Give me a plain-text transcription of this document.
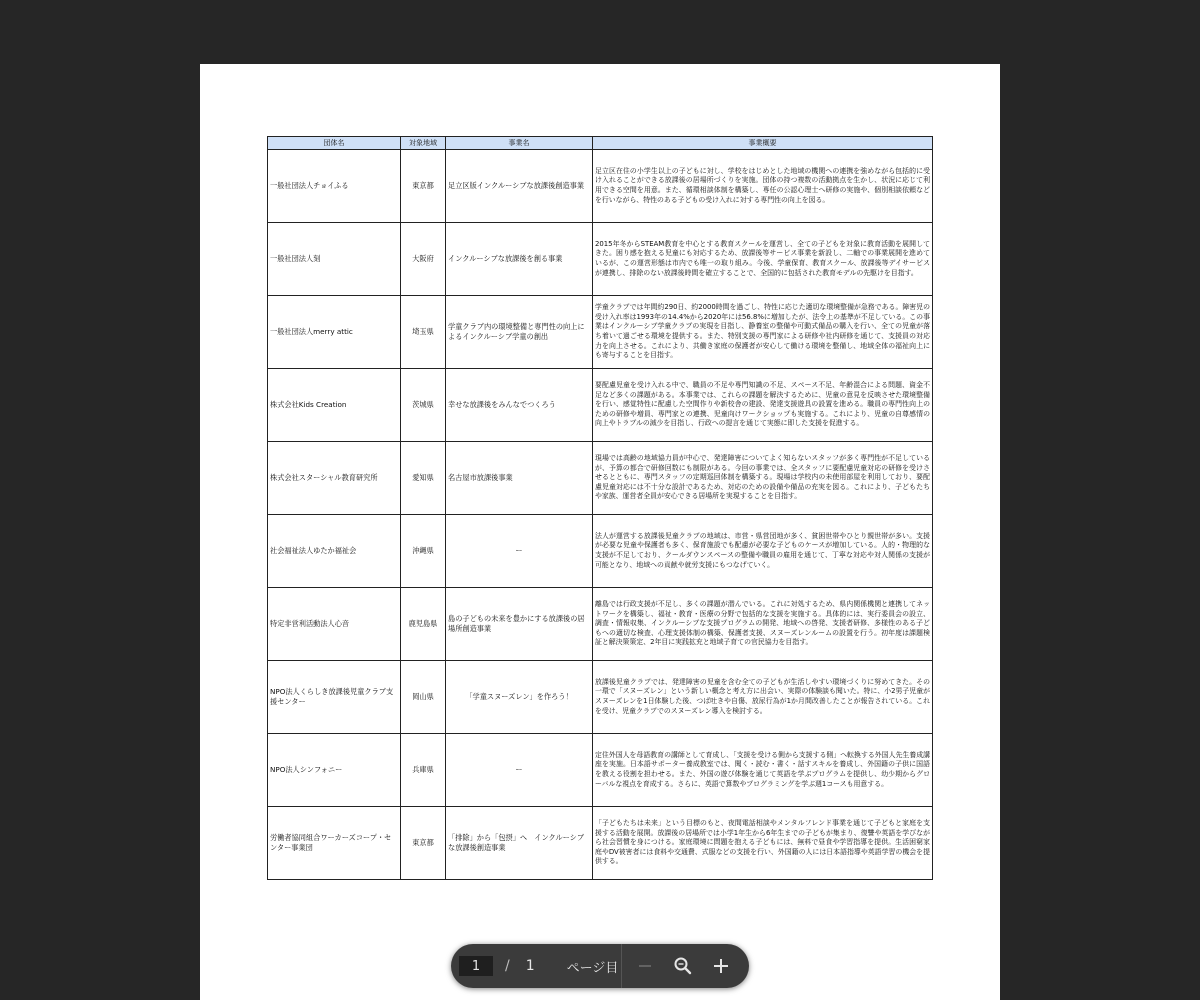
団体名	対象地域	事業名	事業概要
一般社団法人チョイふる	東京都	足立区版インクルーシブな放課後創造事業	足立区在住の小学生以上の子どもに対し、学校をはじめとした地域の機関への連携を強めながら包括的に受け入れることができる放課後の居場所づくりを実施。団体の持つ複数の活動拠点を生かし、状況に応じて利用できる空間を用意。また、循環相談体制を構築し、専任の公認心理士へ研修の実施や、個別相談依頼などを行いながら、特性のある子どもの受け入れに対する専門性の向上を図る。
一般社団法人刻	大阪府	インクルーシブな放課後を創る事業	2015年冬からSTEAM教育を中心とする教育スクールを運営し、全ての子どもを対象に教育活動を展開してきた。困り感を抱える児童にも対応するため、放課後等サービス事業を新設し、二軸での事業展開を進めているが、この運営形態は市内でも唯一の取り組み。今後、学童保育、教育スクール、放課後等デイサービスが連携し、排除のない放課後時間を確立することで、全国的に包括された教育モデルの先駆けを目指す。
一般社団法人merry attic	埼玉県	学童クラブ内の環境整備と専門性の向上によるインクルーシブ学童の創出	学童クラブでは年間約290日、約2000時間を過ごし、特性に応じた適切な環境整備が急務である。障害児の受け入れ率は1993年の14.4%から2020年には56.8%に増加したが、法令上の基準が不足している。この事業はインクルーシブ学童クラブの実現を目指し、静養室の整備や可動式備品の購入を行い、全ての児童が落ち着いて過ごせる環境を提供する。また、特別支援の専門家による研修や社内研修を通じて、支援員の対応力を向上させる。これにより、共働き家庭の保護者が安心して働ける環境を整備し、地域全体の福祉向上にも寄与することを目指す。
株式会社Kids Creation	茨城県	幸せな放課後をみんなでつくろう	要配慮児童を受け入れる中で、職員の不足や専門知識の不足、スペース不足、年齢混合による問題、資金不足など多くの課題がある。本事業では、これらの課題を解決するために、児童の意見を反映させた環境整備を行い、感覚特性に配慮した空間作りや新校舎の建設、発達支援遊具の設置を進める。職員の専門性向上のための研修や増員、専門家との連携、児童向けワークショップも実施する。これにより、児童の自尊感情の向上やトラブルの減少を目指し、行政への提言を通じて実態に即した支援を促進する。
株式会社スターシャル教育研究所	愛知県	名古屋市放課後事業	現場では高齢の地域協力員が中心で、発達障害についてよく知らないスタッフが多く専門性が不足しているが、予算の都合で研修回数にも制限がある。今回の事業では、全スタッフに要配慮児童対応の研修を受けさせるとともに、専門スタッフの定期巡回体制を構築する。現場は学校内の未使用部屋を利用しており、要配慮児童対応には不十分な設計であるため、対応のための設備や備品の充実を図る。これにより、子どもたちや家族、運営者全員が安心できる居場所を実現することを目指す。
社会福祉法人ゆたか福祉会	沖縄県	ー	法人が運営する放課後児童クラブの地域は、市営・県営団地が多く、貧困世帯やひとり親世帯が多い。支援が必要な児童や保護者も多く、保育施設でも配慮が必要な子どものケースが増加している。人的・物理的な支援が不足しており、クールダウンスペースの整備や職員の雇用を通じて、丁寧な対応や対人関係の支援が可能となり、地域への貢献や就労支援にもつなげていく。
特定非営利活動法人心音	鹿児島県	島の子どもの未来を豊かにする放課後の居場所創造事業	離島では行政支援が不足し、多くの課題が潜んでいる。これに対処するため、県内関係機関と連携してネットワークを構築し、福祉・教育・医療の分野で包括的な支援を実施する。具体的には、実行委員会の設立、調査・情報収集、インクルーシブな支援プログラムの開発、地域への啓発、支援者研修、多様性のある子どもへの適切な検査、心理支援体制の構築、保護者支援、スヌーズレンルームの設置を行う。初年度は課題検証と解決策策定、2年目に実践拡充と地域子育ての官民協力を目指す。
NPO法人くらしき放課後児童クラブ支援センター	岡山県	「学童スヌーズレン」を作ろう！	放課後児童クラブでは、発達障害の児童を含む全ての子どもが生活しやすい環境づくりに努めてきた。その一環で「スヌーズレン」という新しい概念と考え方に出会い、実際の体験談も聞いた。特に、小2男子児童がスヌーズレンを1日体験した後、つば吐きや自傷、放尿行為が1か月間改善したことが報告されている。これを受け、児童クラブでのスヌーズレン導入を検討する。
NPO法人シンフォニー	兵庫県	ー	定住外国人を母語教育の講師として育成し、「支援を受ける側から支援する側」へ転換する外国人先生養成講座を実施。日本語サポーター養成教室では、聞く・読む・書く・話すスキルを養成し、外国籍の子供に国語を教える役割を担わせる。また、外国の遊び体験を通じて英語を学ぶプログラムを提供し、幼少期からグローバルな視点を育成する。さらに、英語で算数やプログラミングを学ぶ週1コースも用意する。
労働者協同組合ワーカーズコープ・センター事業団	東京都	「排除」から「包摂」へ　インクルーシブな放課後創造事業	「子どもたちは未来」という目標のもと、夜間電話相談やメンタルフレンド事業を通じて子どもと家庭を支援する活動を展開。放課後の居場所では小学1年生から6年生までの子どもが集まり、復讐や英語を学びながら社会習慣を身につける。家庭環境に問題を抱える子どもには、無料で昼食や学習指導を提供。生活困窮家庭やDV被害者には食料や交通費、式服などの支援を行い、外国籍の人には日本語指導や英語学習の機会を提供する。
1
/ 1 ページ目
